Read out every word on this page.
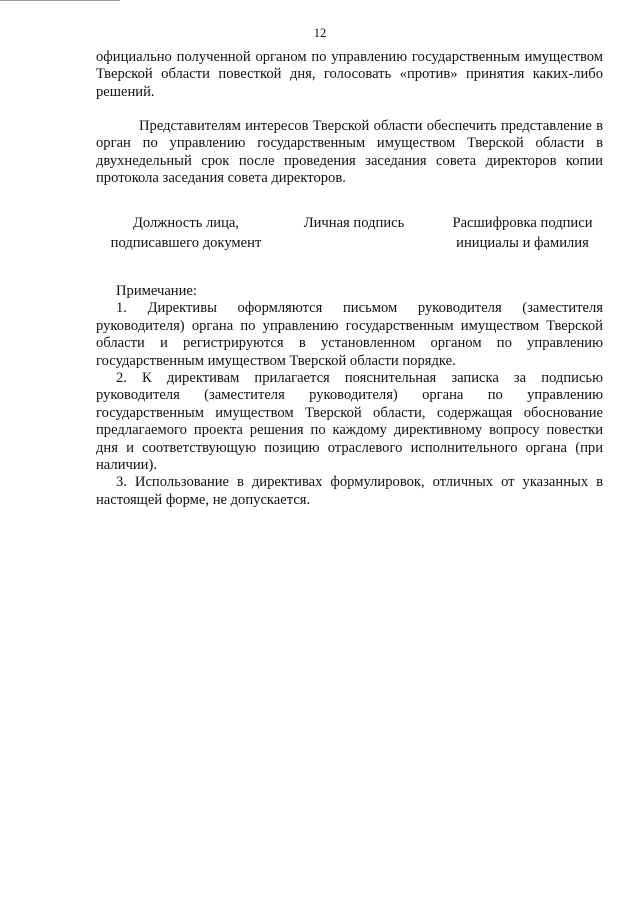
12

официально полученной органом по управлению государственным имуществом Тверской области повесткой дня, голосовать «против» принятия каких-либо решений.

Представителям интересов Тверской области обеспечить представление в орган по управлению государственным имуществом Тверской области в двухнедельный срок после проведения заседания совета директоров копии протокола заседания совета директоров.

Должность лица,
подписавшего документ
Личная подпись	Расшифровка подписи
инициалы и фамилия

Примечание:

1. Директивы оформляются письмом руководителя (заместителя руководителя) органа по управлению государственным имуществом Тверской области и регистрируются в установленном органом по управлению государственным имуществом Тверской области порядке.

2. К директивам прилагается пояснительная записка за подписью руководителя (заместителя руководителя) органа по управлению государственным имуществом Тверской области, содержащая обоснование предлагаемого проекта решения по каждому директивному вопросу повестки дня и соответствующую позицию отраслевого исполнительного органа (при наличии).

3. Использование в директивах формулировок, отличных от указанных в настоящей форме, не допускается.
